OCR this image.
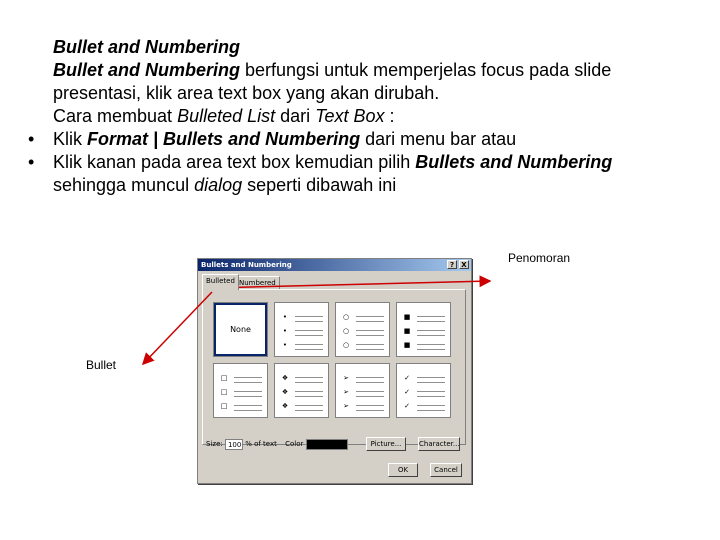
Bullet and Numbering
Bullet and Numbering berfungsi untuk memperjelas focus pada slide presentasi, klik area text box yang akan dirubah.
Cara membuat Bulleted List dari Text Box :
• Klik Format | Bullets and Numbering dari menu bar atau
• Klik kanan pada area text box kemudian pilih Bullets and Numbering sehingga muncul dialog seperti dibawah ini
Bullets and Numbering	?	X
Bulleted Numbered
None
•
•
•
○
○
○
■
■
■
□
□
□
❖
❖
❖
➢
➢
➢
✓
✓
✓
Size: 100 % of text Color	Picture...	Character...
OK	Cancel
Penomoran
Bullet
